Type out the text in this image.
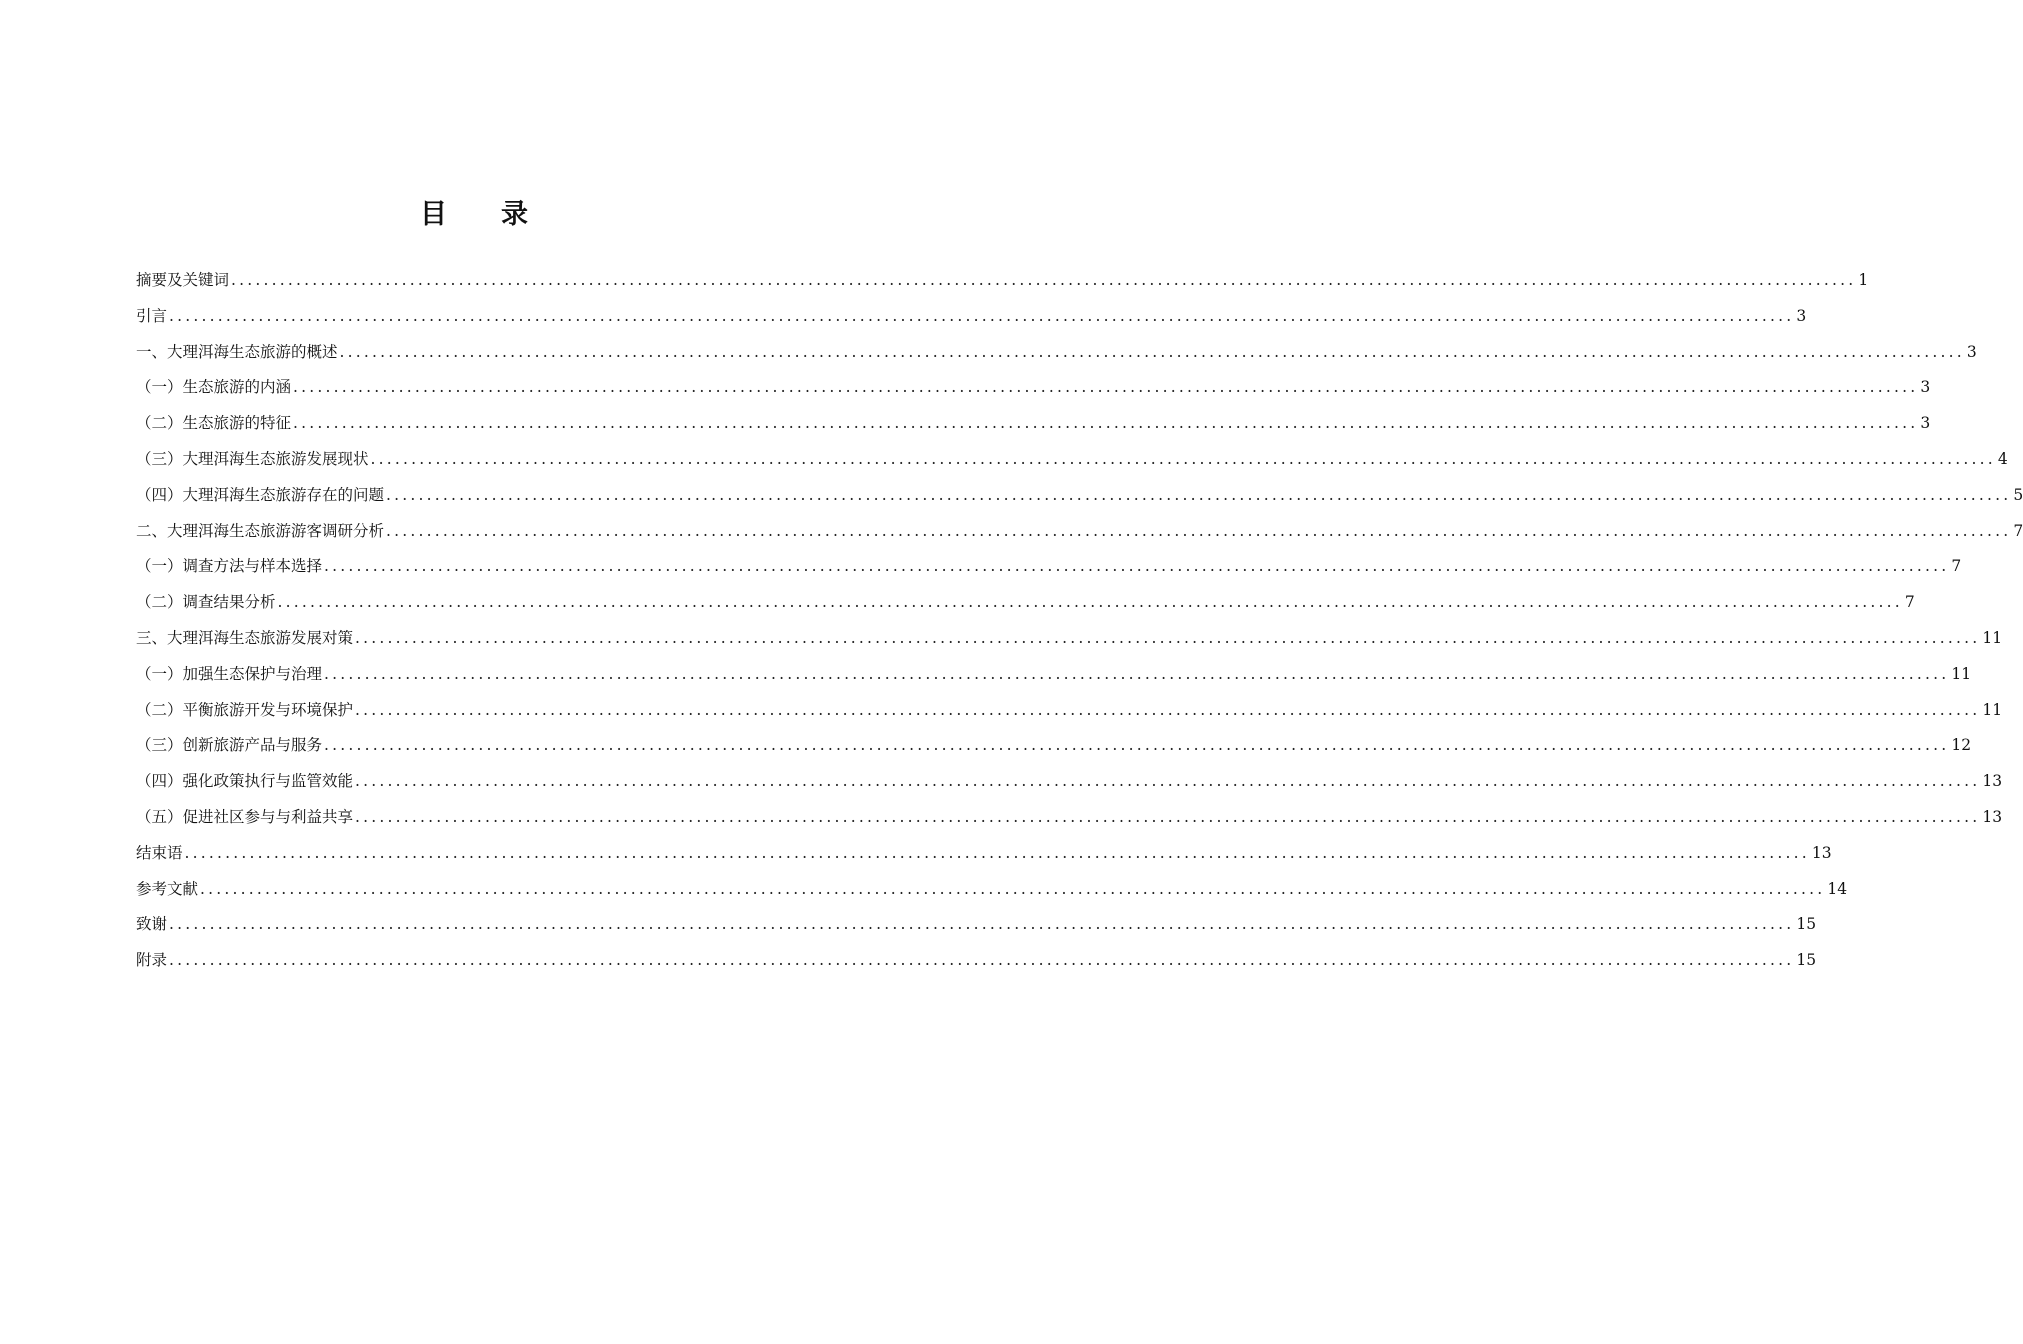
目 录
摘要及关键词 ........................................................................................................................................................................................................ 1
引言 ........................................................................................................................................................................................................ 3
一、大理洱海生态旅游的概述 ........................................................................................................................................................................................................ 3
（一）生态旅游的内涵 ........................................................................................................................................................................................................ 3
（二）生态旅游的特征 ........................................................................................................................................................................................................ 3
（三）大理洱海生态旅游发展现状 ........................................................................................................................................................................................................ 4
（四）大理洱海生态旅游存在的问题 ........................................................................................................................................................................................................ 5
二、大理洱海生态旅游游客调研分析 ........................................................................................................................................................................................................ 7
（一）调查方法与样本选择 ........................................................................................................................................................................................................ 7
（二）调查结果分析 ........................................................................................................................................................................................................ 7
三、大理洱海生态旅游发展对策 ........................................................................................................................................................................................................ 11
（一）加强生态保护与治理 ........................................................................................................................................................................................................ 11
（二）平衡旅游开发与环境保护 ........................................................................................................................................................................................................ 11
（三）创新旅游产品与服务 ........................................................................................................................................................................................................ 12
（四）强化政策执行与监管效能 ........................................................................................................................................................................................................ 13
（五）促进社区参与与利益共享 ........................................................................................................................................................................................................ 13
结束语 ........................................................................................................................................................................................................ 13
参考文献 ........................................................................................................................................................................................................ 14
致谢 ........................................................................................................................................................................................................ 15
附录 ........................................................................................................................................................................................................ 15
